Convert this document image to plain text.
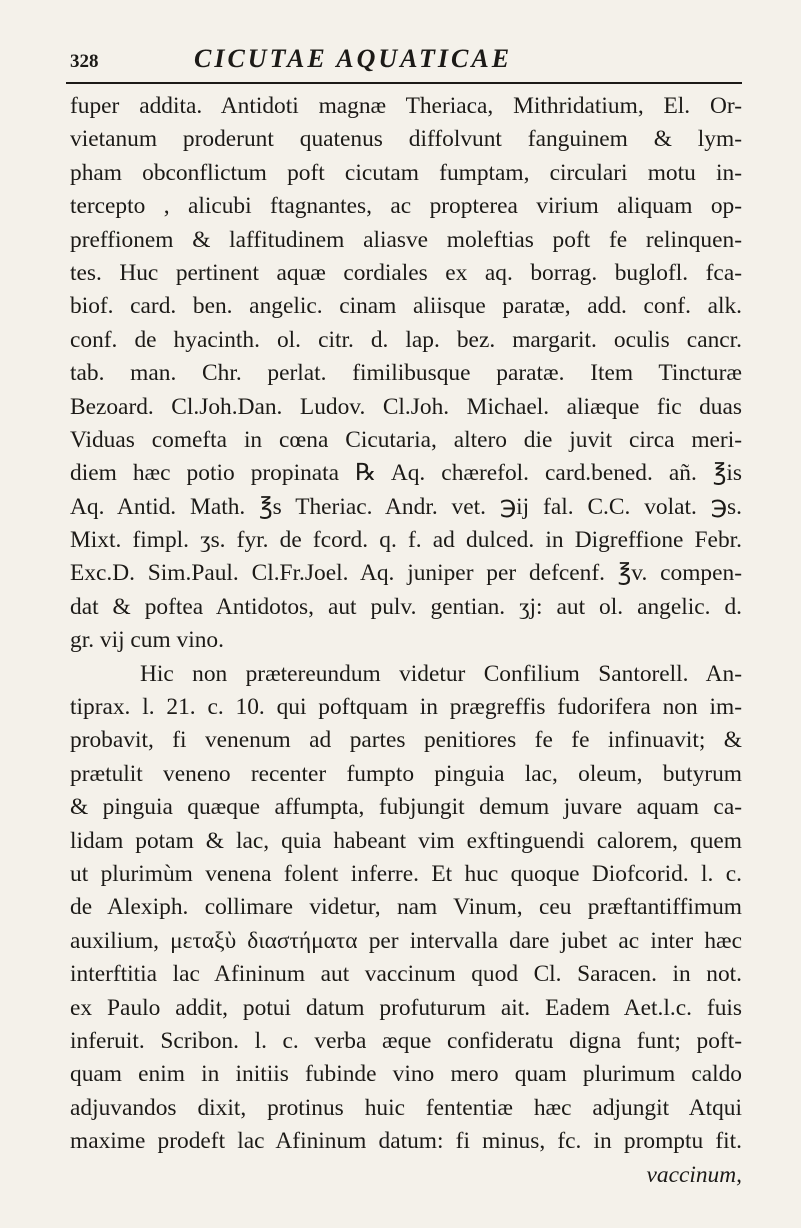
328	CICUTAE AQUATICAE
fuper addita. Antidoti magnæ Theriaca, Mithridatium, El. Or-
vietanum proderunt quatenus diffolvunt fanguinem & lym-
pham obconflictum poft cicutam fumptam, circulari motu in-
tercepto , alicubi ftagnantes, ac propterea virium aliquam op-
preffionem & laffitudinem aliasve moleftias poft fe relinquen-
tes. Huc pertinent aquæ cordiales ex aq. borrag. buglofl. fca-
biof. card. ben. angelic. cinam aliisque paratæ, add. conf. alk.
conf. de hyacinth. ol. citr. d. lap. bez. margarit. oculis cancr.
tab. man. Chr. perlat. fimilibusque paratæ. Item Tincturæ
Bezoard. Cl.Joh.Dan. Ludov. Cl.Joh. Michael. aliæque fic duas
Viduas comefta in cœna Cicutaria, altero die juvit circa meri-
diem hæc potio propinata ℞ Aq. chærefol. card.bened. añ. ℥is
Aq. Antid. Math. ℥s Theriac. Andr. vet. ℈ij fal. C.C. volat. ℈s.
Mixt. fimpl. ʒs. fyr. de fcord. q. f. ad dulced. in Digreffione Febr.
Exc.D. Sim.Paul. Cl.Fr.Joel. Aq. juniper per defcenf. ℥v. compen-
dat & poftea Antidotos, aut pulv. gentian. ʒj: aut ol. angelic. d.
gr. vij cum vino.
Hic non prætereundum videtur Confilium Santorell. An-
tiprax. l. 21. c. 10. qui poftquam in prægreffis fudorifera non im-
probavit, fi venenum ad partes penitiores fe fe infinuavit; &
prætulit veneno recenter fumpto pinguia lac, oleum, butyrum
& pinguia quæque affumpta, fubjungit demum juvare aquam ca-
lidam potam & lac, quia habeant vim exftinguendi calorem, quem
ut plurimùm venena folent inferre. Et huc quoque Diofcorid. l. c.
de Alexiph. collimare videtur, nam Vinum, ceu præftantiffimum
auxilium, μεταξὺ διαστήματα per intervalla dare jubet ac inter hæc
interftitia lac Afininum aut vaccinum quod Cl. Saracen. in not.
ex Paulo addit, potui datum profuturum ait. Eadem Aet.l.c. fuis
inferuit. Scribon. l. c. verba æque confideratu digna funt; poft-
quam enim in initiis fubinde vino mero quam plurimum caldo
adjuvandos dixit, protinus huic fententiæ hæc adjungit Atqui
maxime prodeft lac Afininum datum: fi minus, fc. in promptu fit.
vaccinum,
